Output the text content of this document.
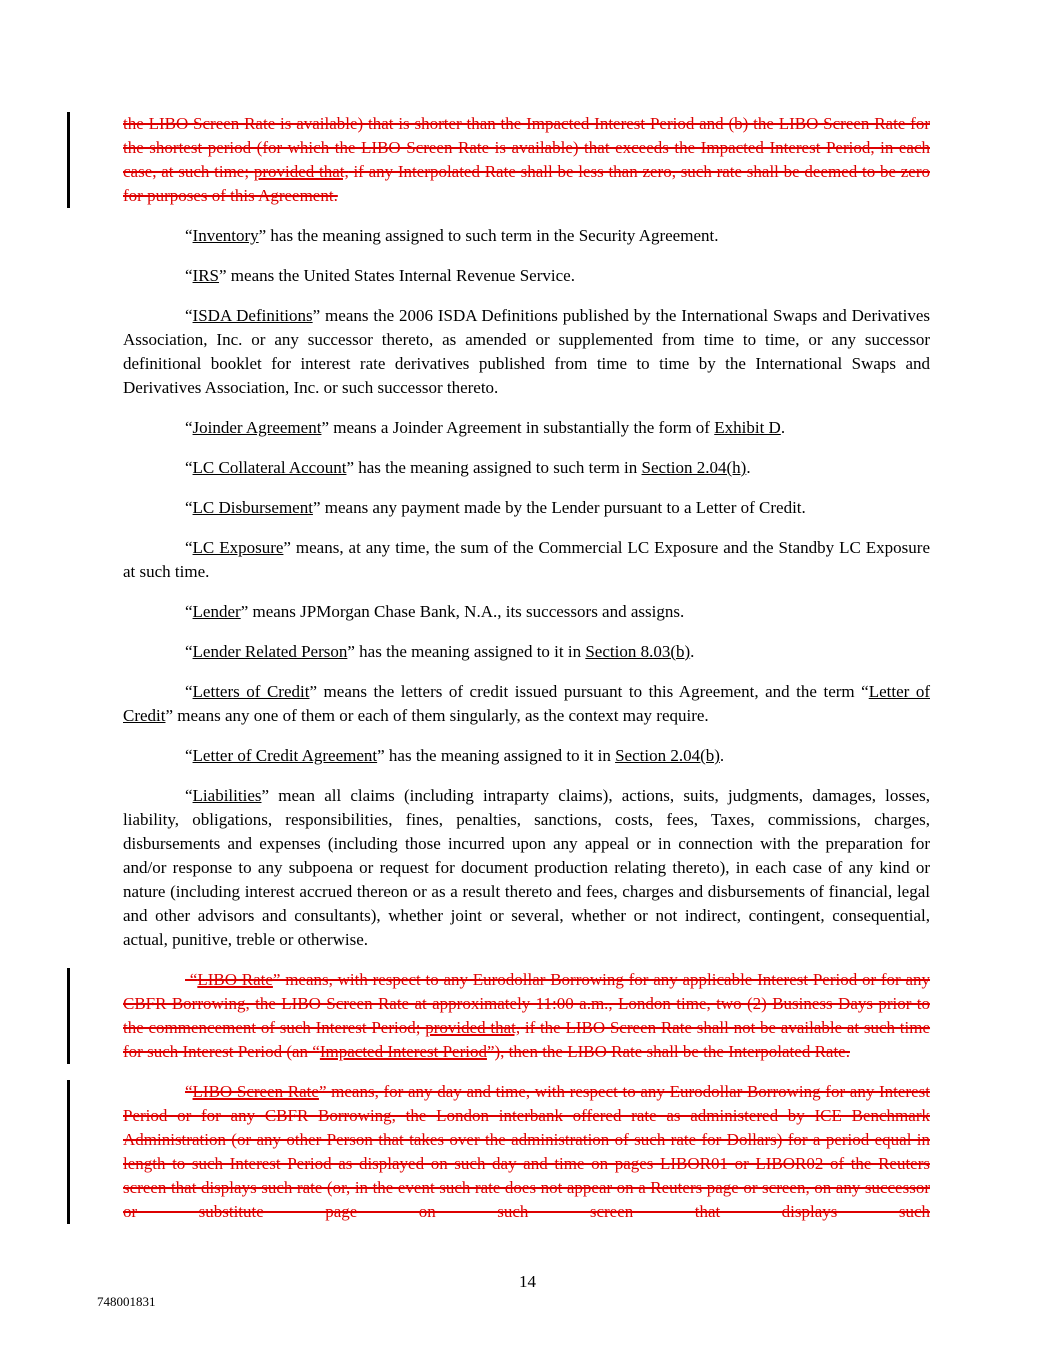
the LIBO Screen Rate is available) that is shorter than the Impacted Interest Period and (b) the LIBO Screen Rate for the shortest period (for which the LIBO Screen Rate is available) that exceeds the Impacted Interest Period, in each case, at such time; provided that, if any Interpolated Rate shall be less than zero, such rate shall be deemed to be zero for purposes of this Agreement.

“Inventory” has the meaning assigned to such term in the Security Agreement.

“IRS” means the United States Internal Revenue Service.

“ISDA Definitions” means the 2006 ISDA Definitions published by the International Swaps and Derivatives Association, Inc. or any successor thereto, as amended or supplemented from time to time, or any successor definitional booklet for interest rate derivatives published from time to time by the International Swaps and Derivatives Association, Inc. or such successor thereto.

“Joinder Agreement” means a Joinder Agreement in substantially the form of Exhibit D.

“LC Collateral Account” has the meaning assigned to such term in Section 2.04(h).

“LC Disbursement” means any payment made by the Lender pursuant to a Letter of Credit.

“LC Exposure” means, at any time, the sum of the Commercial LC Exposure and the Standby LC Exposure at such time.

“Lender” means JPMorgan Chase Bank, N.A., its successors and assigns.

“Lender Related Person” has the meaning assigned to it in Section 8.03(b).

“Letters of Credit” means the letters of credit issued pursuant to this Agreement, and the term “Letter of Credit” means any one of them or each of them singularly, as the context may require.

“Letter of Credit Agreement” has the meaning assigned to it in Section 2.04(b).

“Liabilities” mean all claims (including intraparty claims), actions, suits, judgments, damages, losses, liability, obligations, responsibilities, fines, penalties, sanctions, costs, fees, Taxes, commissions, charges, disbursements and expenses (including those incurred upon any appeal or in connection with the preparation for and/or response to any subpoena or request for document production relating thereto), in each case of any kind or nature (including interest accrued thereon or as a result thereto and fees, charges and disbursements of financial, legal and other advisors and consultants), whether joint or several, whether or not indirect, contingent, consequential, actual, punitive, treble or otherwise.

“LIBO Rate” means, with respect to any Eurodollar Borrowing for any applicable Interest Period or for any CBFR Borrowing, the LIBO Screen Rate at approximately 11:00 a.m., London time, two (2) Business Days prior to the commencement of such Interest Period; provided that, if the LIBO Screen Rate shall not be available at such time for such Interest Period (an “Impacted Interest Period”), then the LIBO Rate shall be the Interpolated Rate.

“LIBO Screen Rate” means, for any day and time, with respect to any Eurodollar Borrowing for any Interest Period or for any CBFR Borrowing, the London interbank offered rate as administered by ICE Benchmark Administration (or any other Person that takes over the administration of such rate for Dollars) for a period equal in length to such Interest Period as displayed on such day and time on pages LIBOR01 or LIBOR02 of the Reuters screen that displays such rate (or, in the event such rate does not appear on a Reuters page or screen, on any successor or substitute page on such screen that displays such

14
748001831
